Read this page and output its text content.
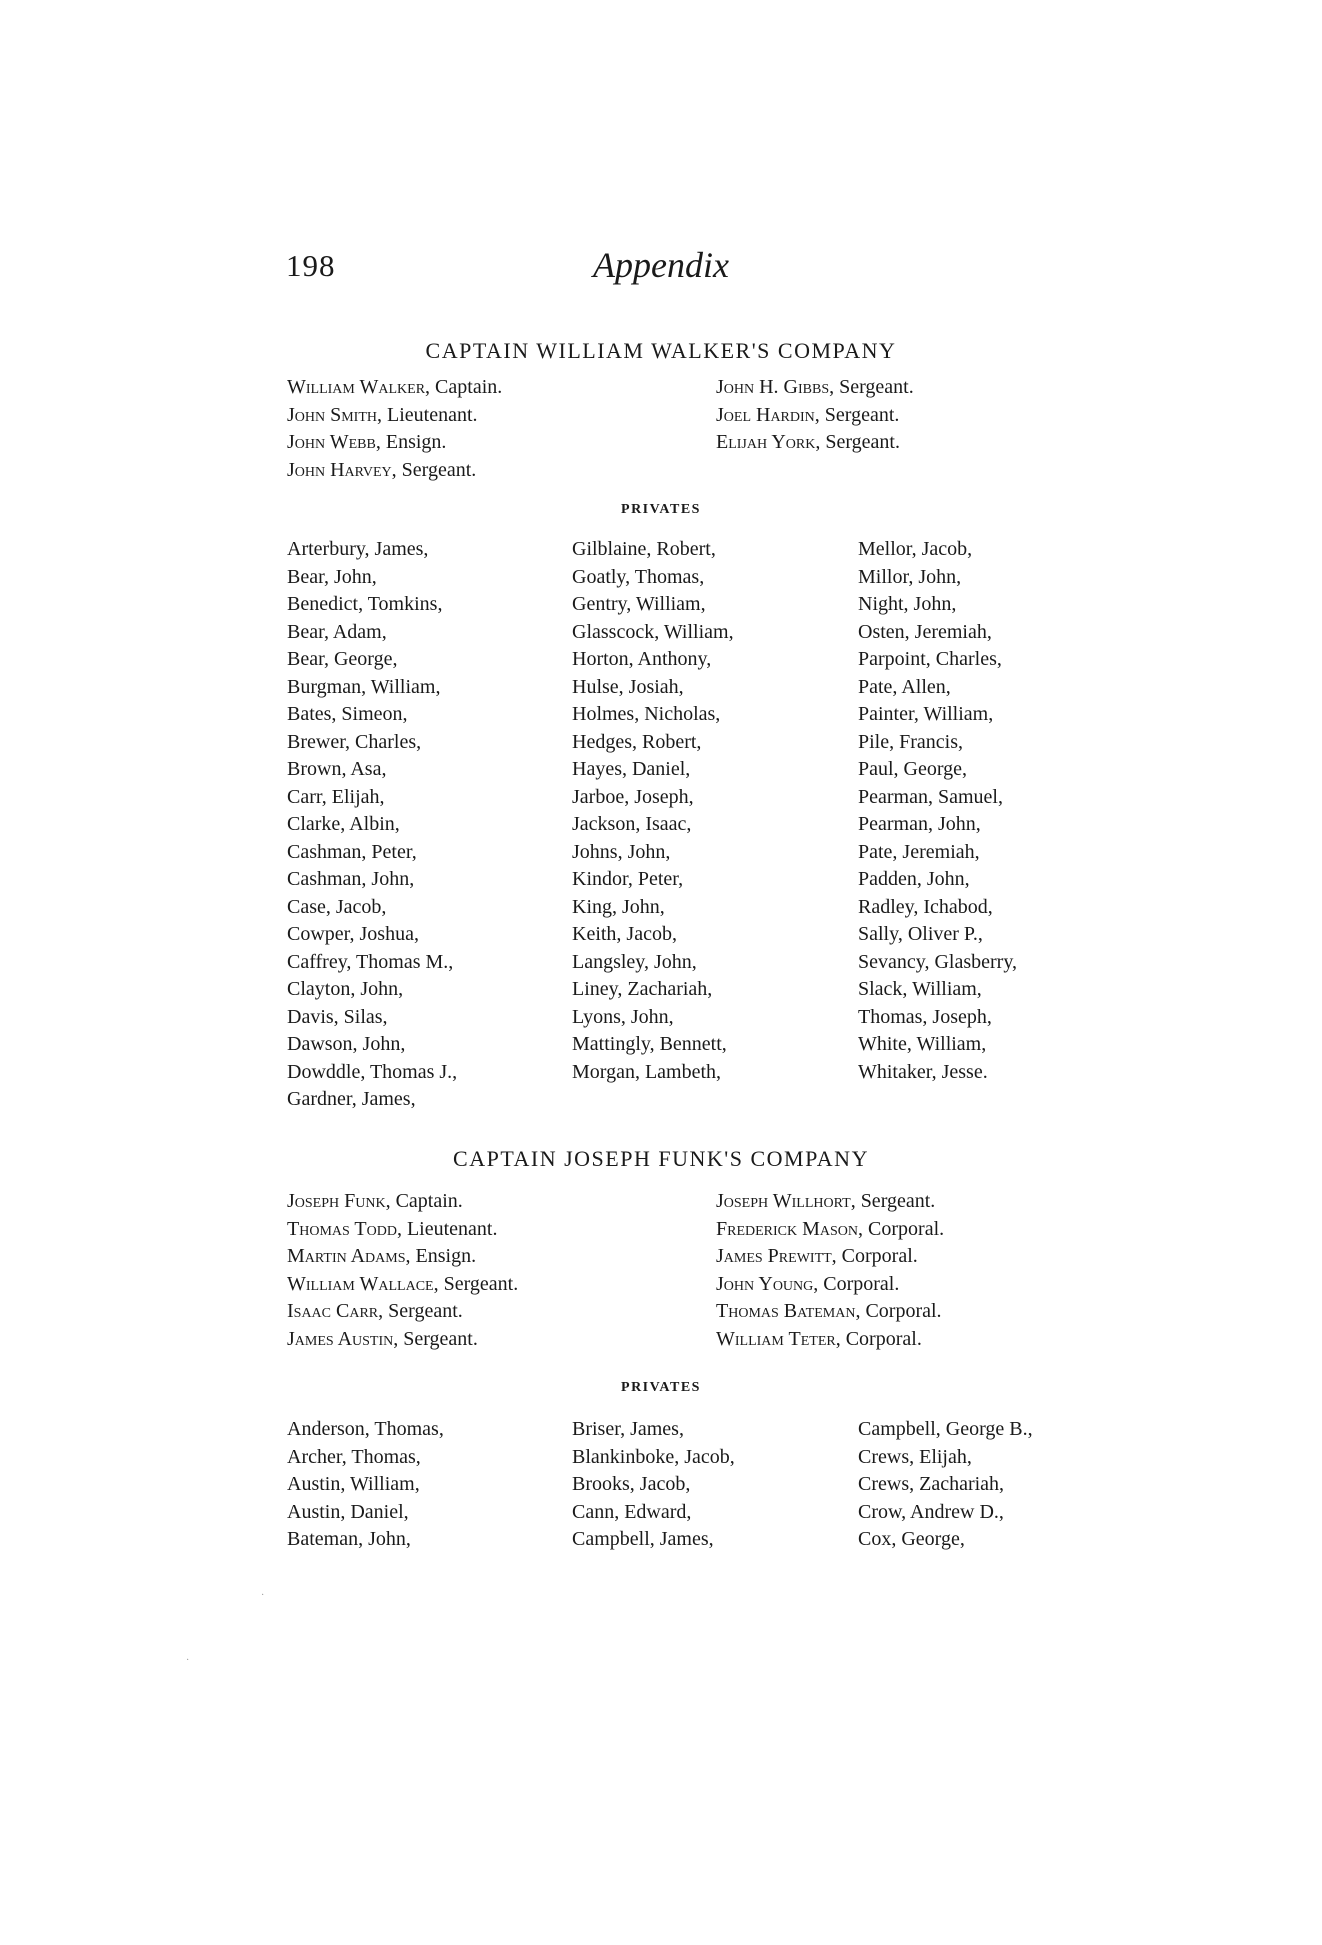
198	Appendix
CAPTAIN WILLIAM WALKER'S COMPANY
William Walker, Captain.
John Smith, Lieutenant.
John Webb, Ensign.
John Harvey, Sergeant.
John H. Gibbs, Sergeant.
Joel Hardin, Sergeant.
Elijah York, Sergeant.
PRIVATES
Arterbury, James,
Bear, John,
Benedict, Tomkins,
Bear, Adam,
Bear, George,
Burgman, William,
Bates, Simeon,
Brewer, Charles,
Brown, Asa,
Carr, Elijah,
Clarke, Albin,
Cashman, Peter,
Cashman, John,
Case, Jacob,
Cowper, Joshua,
Caffrey, Thomas M.,
Clayton, John,
Davis, Silas,
Dawson, John,
Dowddle, Thomas J.,
Gardner, James,
Gilblaine, Robert,
Goatly, Thomas,
Gentry, William,
Glasscock, William,
Horton, Anthony,
Hulse, Josiah,
Holmes, Nicholas,
Hedges, Robert,
Hayes, Daniel,
Jarboe, Joseph,
Jackson, Isaac,
Johns, John,
Kindor, Peter,
King, John,
Keith, Jacob,
Langsley, John,
Liney, Zachariah,
Lyons, John,
Mattingly, Bennett,
Morgan, Lambeth,
Mellor, Jacob,
Millor, John,
Night, John,
Osten, Jeremiah,
Parpoint, Charles,
Pate, Allen,
Painter, William,
Pile, Francis,
Paul, George,
Pearman, Samuel,
Pearman, John,
Pate, Jeremiah,
Padden, John,
Radley, Ichabod,
Sally, Oliver P.,
Sevancy, Glasberry,
Slack, William,
Thomas, Joseph,
White, William,
Whitaker, Jesse.
CAPTAIN JOSEPH FUNK'S COMPANY
Joseph Funk, Captain.
Thomas Todd, Lieutenant.
Martin Adams, Ensign.
William Wallace, Sergeant.
Isaac Carr, Sergeant.
James Austin, Sergeant.
Joseph Willhort, Sergeant.
Frederick Mason, Corporal.
James Prewitt, Corporal.
John Young, Corporal.
Thomas Bateman, Corporal.
William Teter, Corporal.
PRIVATES
Anderson, Thomas,
Archer, Thomas,
Austin, William,
Austin, Daniel,
Bateman, John,
Briser, James,
Blankinboke, Jacob,
Brooks, Jacob,
Cann, Edward,
Campbell, James,
Campbell, George B.,
Crews, Elijah,
Crews, Zachariah,
Crow, Andrew D.,
Cox, George,
·
·
